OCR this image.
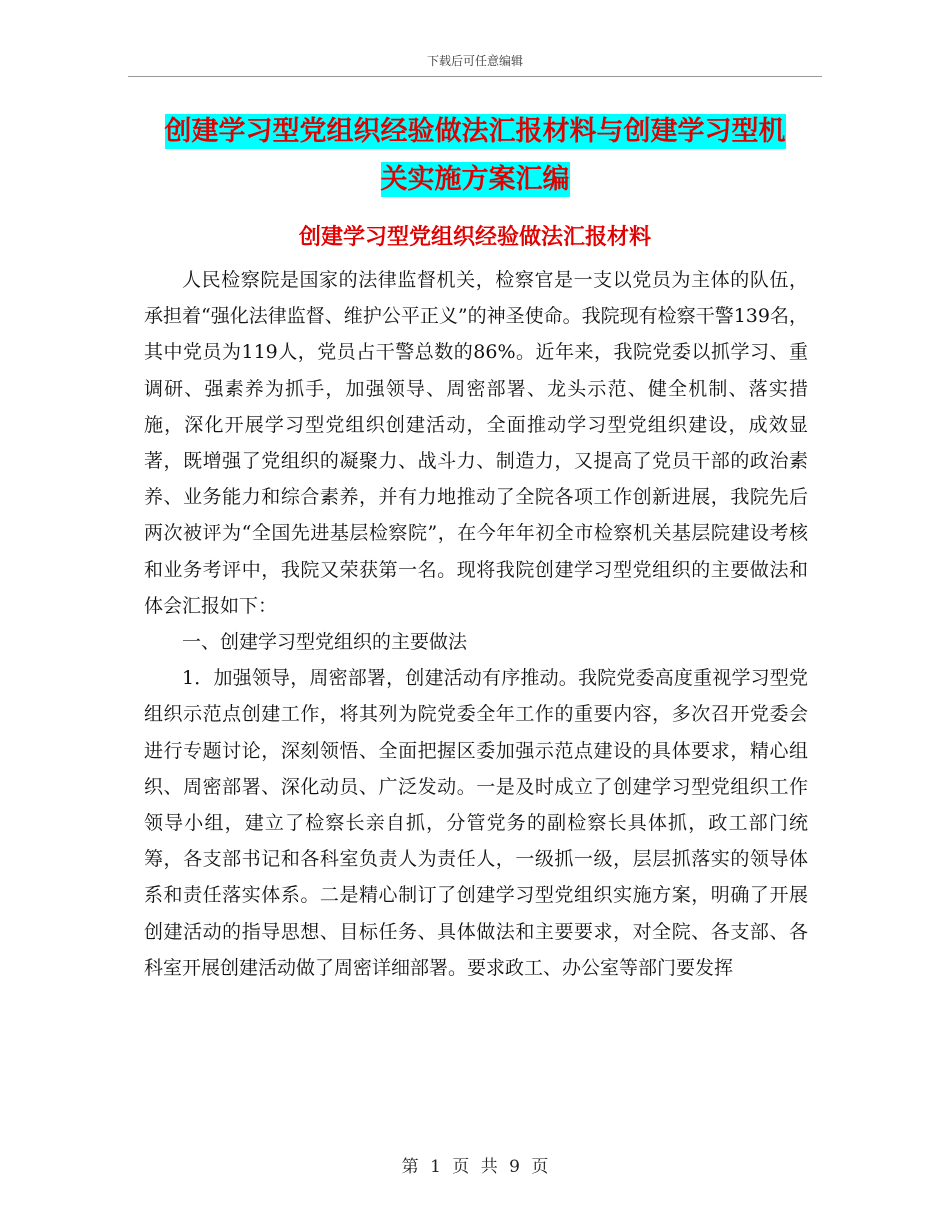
下载后可任意编辑
创建学习型党组织经验做法汇报材料与创建学习型机
关实施方案汇编
创建学习型党组织经验做法汇报材料

人民检察院是国家的法律监督机关，检察官是一支以党员为主体的队伍，承担着“强化法律监督、维护公平正义”的神圣使命。我院现有检察干警139名，其中党员为119人，党员占干警总数的86%。近年来，我院党委以抓学习、重调研、强素养为抓手，加强领导、周密部署、龙头示范、健全机制、落实措施，深化开展学习型党组织创建活动，全面推动学习型党组织建设，成效显著，既增强了党组织的凝聚力、战斗力、制造力，又提高了党员干部的政治素养、业务能力和综合素养，并有力地推动了全院各项工作创新进展，我院先后两次被评为“全国先进基层检察院”，在今年年初全市检察机关基层院建设考核和业务考评中，我院又荣获第一名。现将我院创建学习型党组织的主要做法和体会汇报如下：

一、创建学习型党组织的主要做法

1．加强领导，周密部署，创建活动有序推动。我院党委高度重视学习型党组织示范点创建工作，将其列为院党委全年工作的重要内容，多次召开党委会进行专题讨论，深刻领悟、全面把握区委加强示范点建设的具体要求，精心组织、周密部署、深化动员、广泛发动。一是及时成立了创建学习型党组织工作领导小组，建立了检察长亲自抓，分管党务的副检察长具体抓，政工部门统筹，各支部书记和各科室负责人为责任人，一级抓一级，层层抓落实的领导体系和责任落实体系。二是精心制订了创建学习型党组织实施方案，明确了开展创建活动的指导思想、目标任务、具体做法和主要要求，对全院、各支部、各科室开展创建活动做了周密详细部署。要求政工、办公室等部门要发挥

第 1 页 共 9 页
